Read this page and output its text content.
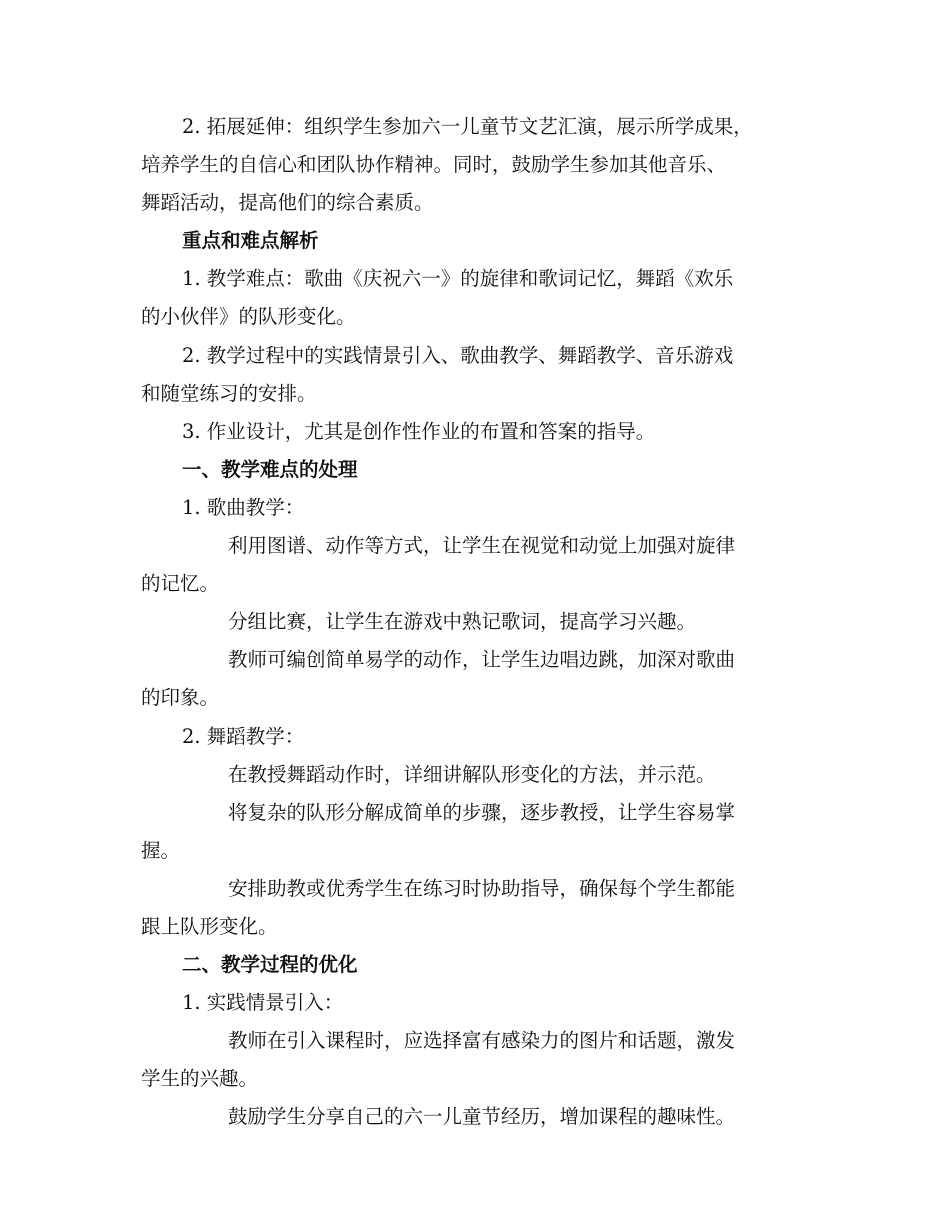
2. 拓展延伸：组织学生参加六一儿童节文艺汇演，展示所学成果，
培养学生的自信心和团队协作精神。同时，鼓励学生参加其他音乐、
舞蹈活动，提高他们的综合素质。
重点和难点解析
1. 教学难点：歌曲《庆祝六一》的旋律和歌词记忆，舞蹈《欢乐
的小伙伴》的队形变化。
2. 教学过程中的实践情景引入、歌曲教学、舞蹈教学、音乐游戏
和随堂练习的安排。
3. 作业设计，尤其是创作性作业的布置和答案的指导。
一、教学难点的处理
1. 歌曲教学：
利用图谱、动作等方式，让学生在视觉和动觉上加强对旋律
的记忆。
分组比赛，让学生在游戏中熟记歌词，提高学习兴趣。
教师可编创简单易学的动作，让学生边唱边跳，加深对歌曲
的印象。
2. 舞蹈教学：
在教授舞蹈动作时，详细讲解队形变化的方法，并示范。
将复杂的队形分解成简单的步骤，逐步教授，让学生容易掌
握。
安排助教或优秀学生在练习时协助指导，确保每个学生都能
跟上队形变化。
二、教学过程的优化
1. 实践情景引入：
教师在引入课程时，应选择富有感染力的图片和话题，激发
学生的兴趣。
鼓励学生分享自己的六一儿童节经历，增加课程的趣味性。
